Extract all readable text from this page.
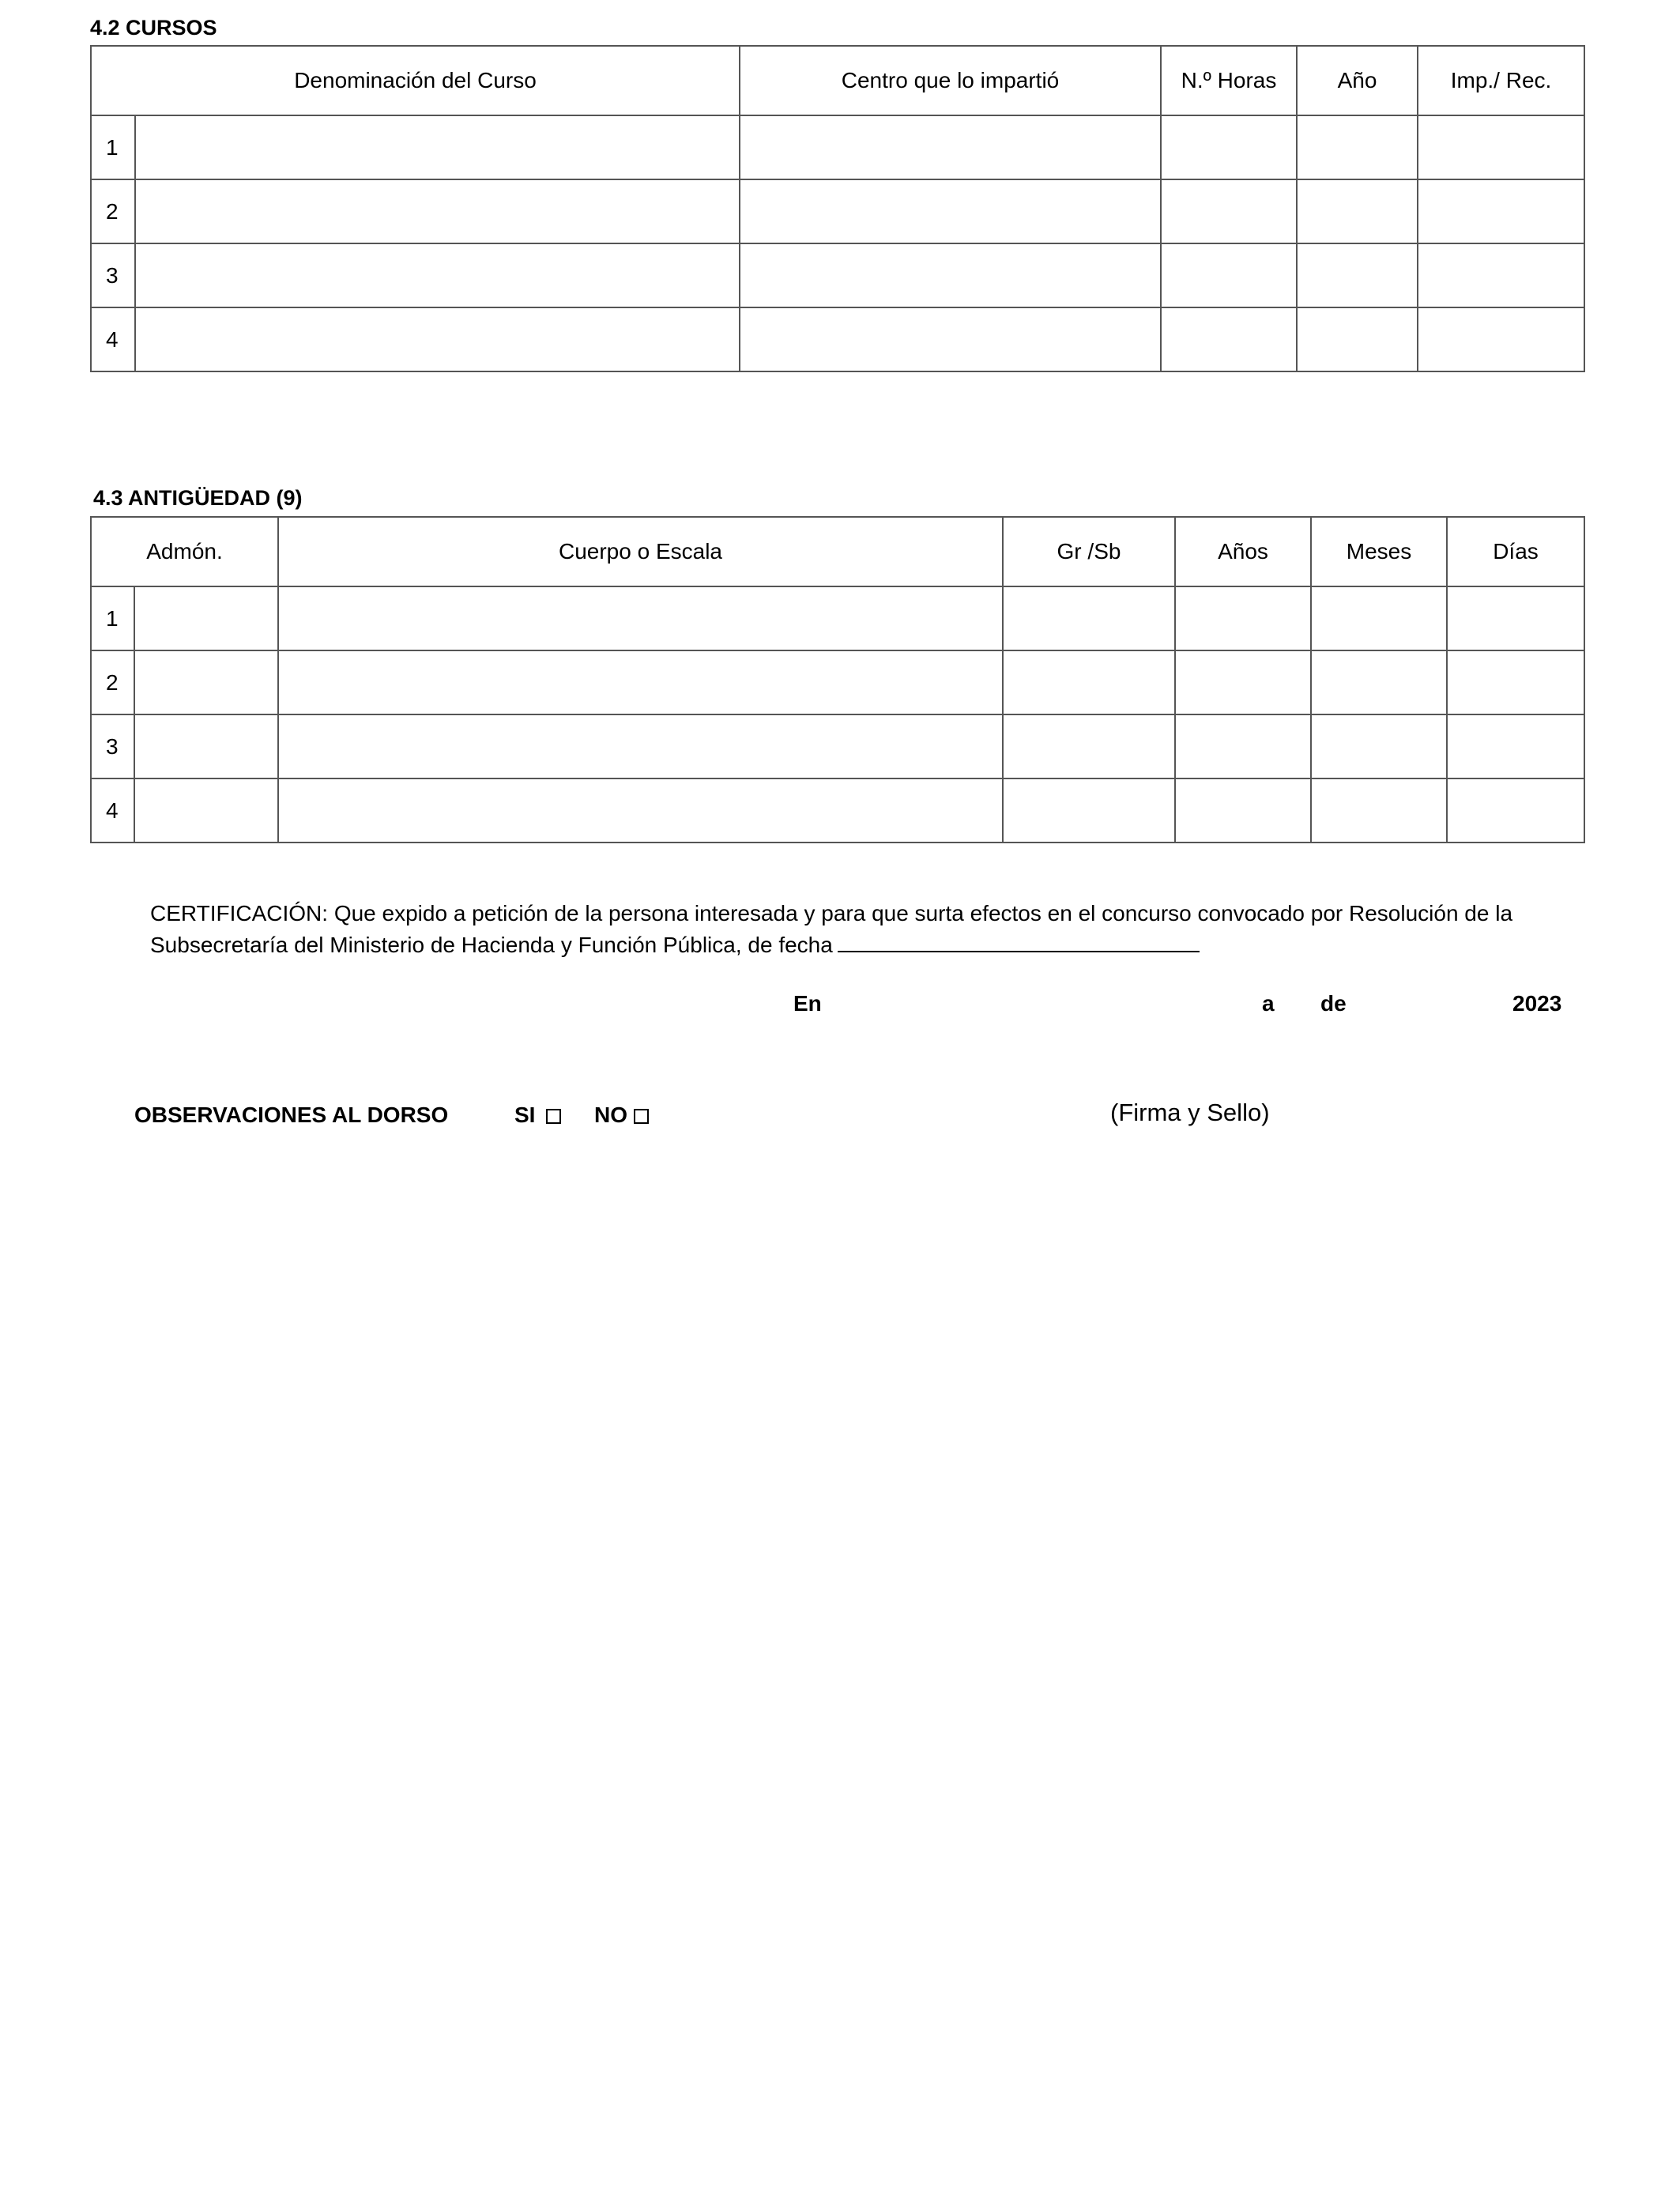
4.2 CURSOS
Denominación del Curso		Centro que lo impartió	N.º Horas	Año	Imp./ Rec.
1					
2					
3					
4					
4.3 ANTIGÜEDAD (9)
Admón.		Cuerpo o Escala	Gr /Sb	Años	Meses	Días
1						
2						
3						
4						
CERTIFICACIÓN: Que expido a petición de la persona interesada y para que surta efectos en el concurso convocado por Resolución de la Subsecretaría del Ministerio de Hacienda y Función Pública, de fecha
En	a de	2023
OBSERVACIONES AL DORSO	SI	NO	(Firma y Sello)
